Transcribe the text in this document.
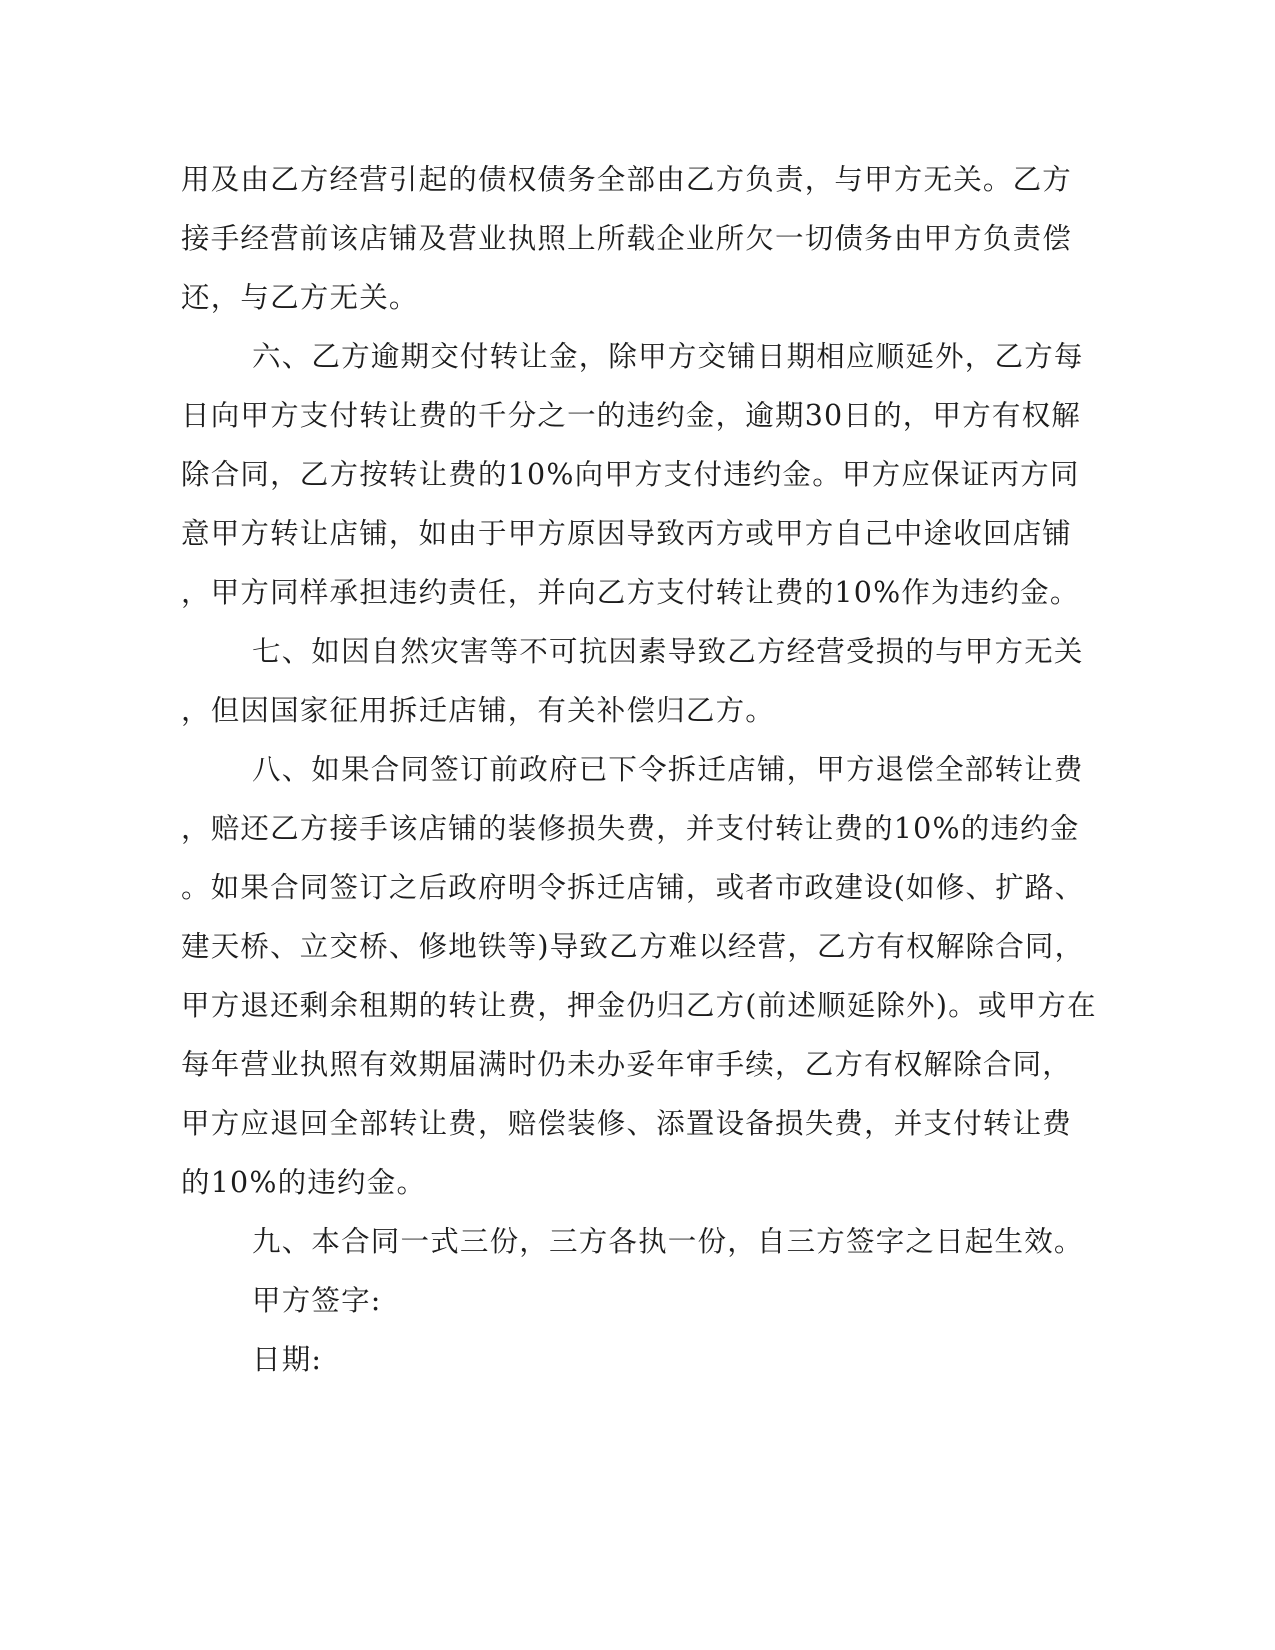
用及由乙方经营引起的债权债务全部由乙方负责，与甲方无关。乙方

接手经营前该店铺及营业执照上所载企业所欠一切债务由甲方负责偿

还，与乙方无关。

六、乙方逾期交付转让金，除甲方交铺日期相应顺延外，乙方每

日向甲方支付转让费的千分之一的违约金，逾期30日的，甲方有权解

除合同，乙方按转让费的10%向甲方支付违约金。甲方应保证丙方同

意甲方转让店铺，如由于甲方原因导致丙方或甲方自己中途收回店铺

，甲方同样承担违约责任，并向乙方支付转让费的10%作为违约金。

七、如因自然灾害等不可抗因素导致乙方经营受损的与甲方无关

，但因国家征用拆迁店铺，有关补偿归乙方。

八、如果合同签订前政府已下令拆迁店铺，甲方退偿全部转让费

，赔还乙方接手该店铺的装修损失费，并支付转让费的10%的违约金

。如果合同签订之后政府明令拆迁店铺，或者市政建设(如修、扩路、

建天桥、立交桥、修地铁等)导致乙方难以经营，乙方有权解除合同，

甲方退还剩余租期的转让费，押金仍归乙方(前述顺延除外)。或甲方在

每年营业执照有效期届满时仍未办妥年审手续，乙方有权解除合同，

甲方应退回全部转让费，赔偿装修、添置设备损失费，并支付转让费

的10%的违约金。

九、本合同一式三份，三方各执一份，自三方签字之日起生效。

甲方签字:

日期:
